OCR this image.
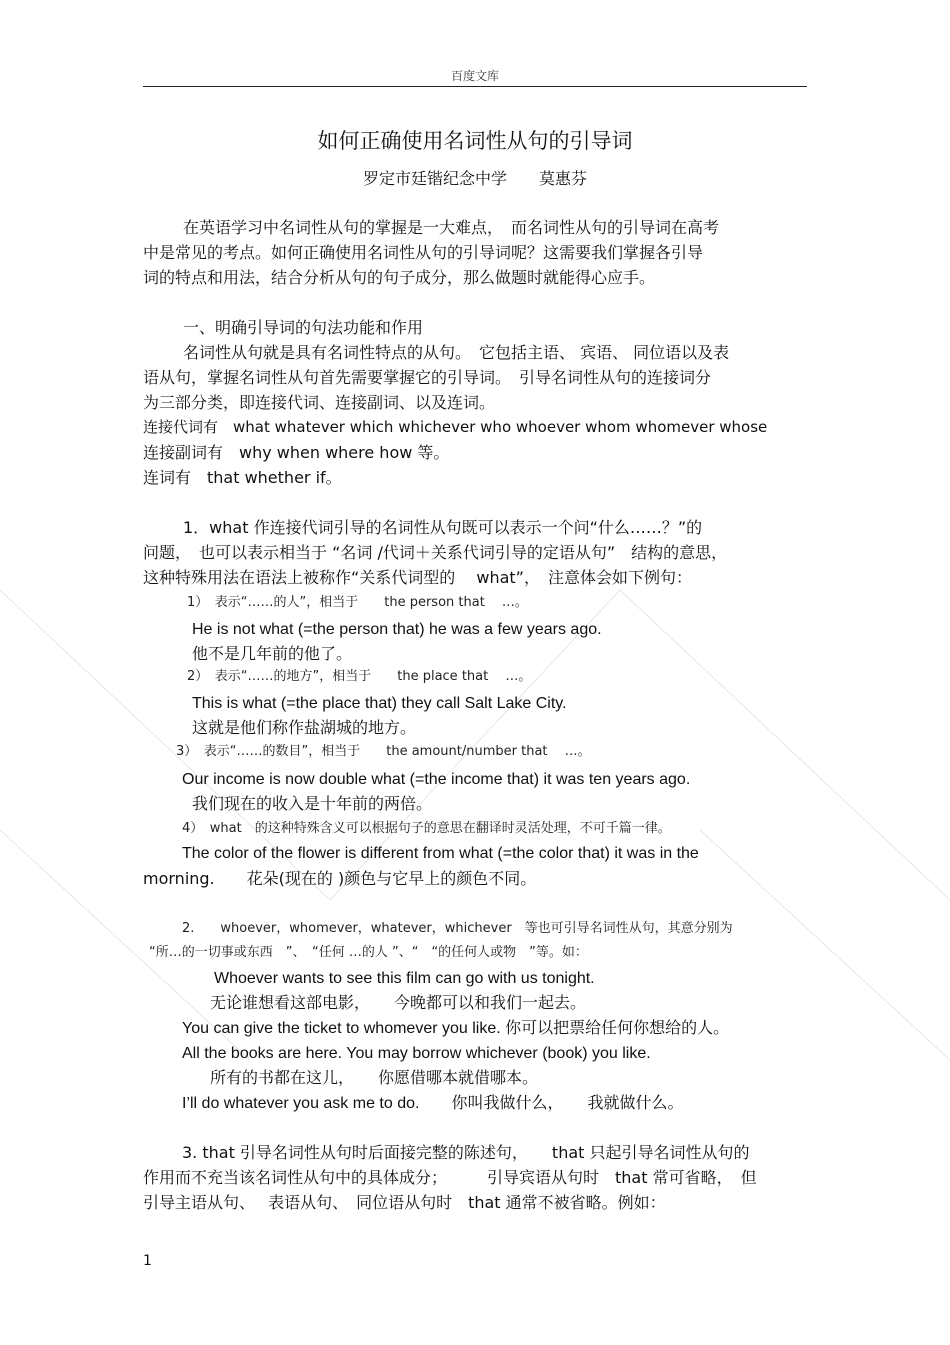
百度文库
如何正确使用名词性从句的引导词
罗定市廷锴纪念中学　　莫惠芬
在英语学习中名词性从句的掌握是一大难点，　而名词性从句的引导词在高考
中是常见的考点。如何正确使用名词性从句的引导词呢？这需要我们掌握各引导
词的特点和用法，结合分析从句的句子成分，那么做题时就能得心应手。
一、明确引导词的句法功能和作用
名词性从句就是具有名词性特点的从句。　它包括主语、 宾语、 同位语以及表
语从句，掌握名词性从句首先需要掌握它的引导词。　引导名词性从句的连接词分
为三部分类，即连接代词、连接副词、以及连词。
连接代词有　what whatever which whichever who whoever whom whomever whose
连接副词有　why when where how 等。
连词有　that whether if。
1．what 作连接代词引导的名词性从句既可以表示一个问“什么……？”的
问题，　也可以表示相当于 “名词 /代词＋关系代词引导的定语从句”　结构的意思，
这种特殊用法在语法上被称作“关系代词型的　 what”，　注意体会如下例句：
1）　表示“……的人”，相当于　　the person that　 …。
He is not what (=the person that) he was a few years ago.
他不是几年前的他了。
2）　表示“……的地方”，相当于　　the place that　 …。
This is what (=the place that) they call Salt Lake City.
这就是他们称作盐湖城的地方。
3）　表示“……的数目”，相当于　　the amount/number that　 …。
Our income is now double what (=the income that) it was ten years ago.
我们现在的收入是十年前的两倍。
4）　what　的这种特殊含义可以根据句子的意思在翻译时灵活处理，不可千篇一律。
The color of the flower is different from what (=the color that) it was in the
morning.　　花朵(现在的 )颜色与它早上的颜色不同。
2.　　whoever，whomever，whatever，whichever　等也可引导名词性从句，其意分别为
“所…的一切事或东西　”、　“任何 …的人 ”、“　“的任何人或物　”等。如：
Whoever wants to see this film can go with us tonight.
无论谁想看这部电影，　　今晚都可以和我们一起去。
You can give the ticket to whomever you like. 你可以把票给任何你想给的人。
All the books are here. You may borrow whichever (book) you like.
所有的书都在这儿，　　你愿借哪本就借哪本。
I’ll do whatever you ask me to do.　　你叫我做什么，　　我就做什么。
3. that 引导名词性从句时后面接完整的陈述句，　　that 只起引导名词性从句的
作用而不充当该名词性从句中的具体成分；　　　引导宾语从句时　that 常可省略，　但
引导主语从句、　 表语从句、　同位语从句时　that 通常不被省略。例如：
1
